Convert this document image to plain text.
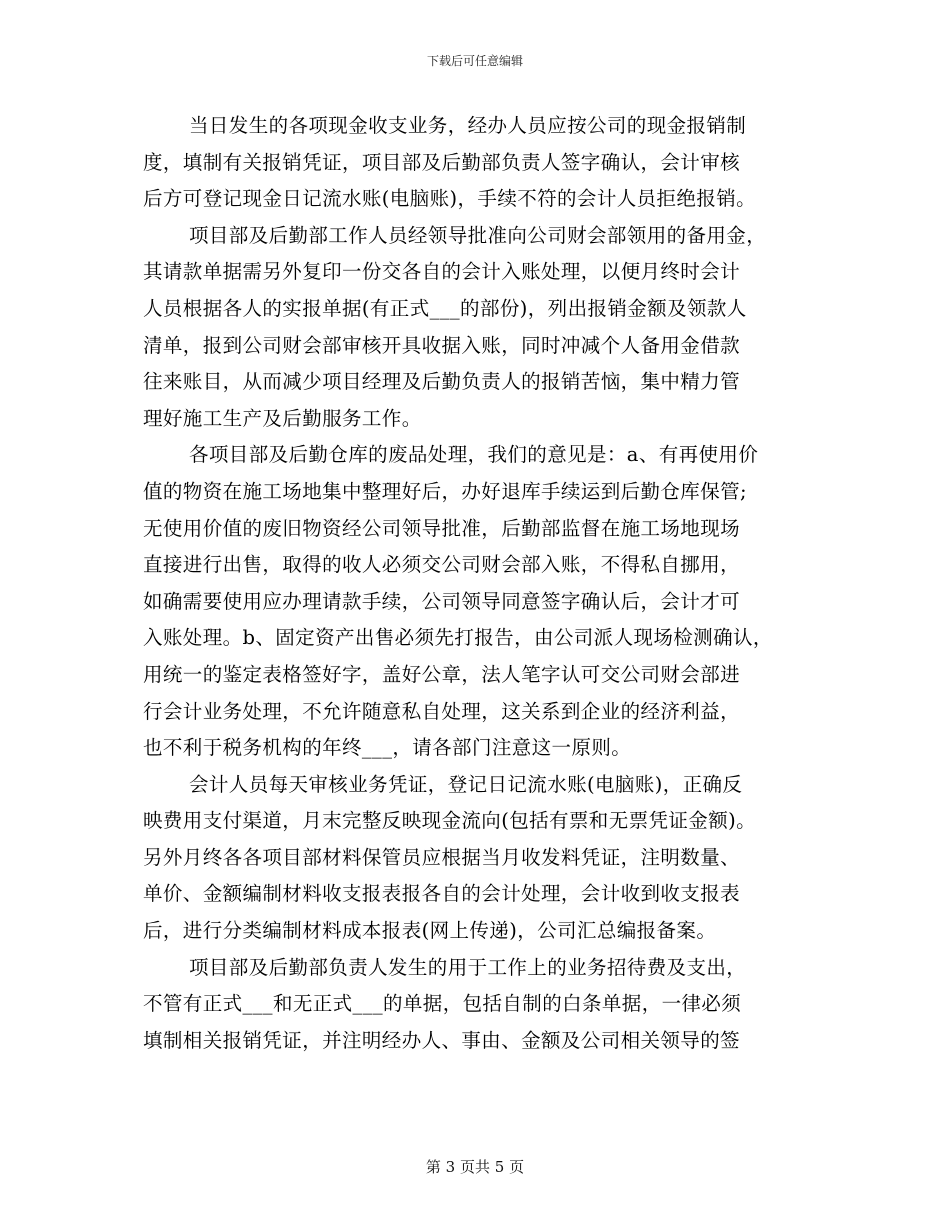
下载后可任意编辑
当日发生的各项现金收支业务，经办人员应按公司的现金报销制
度，填制有关报销凭证，项目部及后勤部负责人签字确认，会计审核
后方可登记现金日记流水账(电脑账)，手续不符的会计人员拒绝报销。
项目部及后勤部工作人员经领导批准向公司财会部领用的备用金，
其请款单据需另外复印一份交各自的会计入账处理，以便月终时会计
人员根据各人的实报单据(有正式___的部份)，列出报销金额及领款人
清单，报到公司财会部审核开具收据入账，同时冲减个人备用金借款
往来账目，从而减少项目经理及后勤负责人的报销苦恼，集中精力管
理好施工生产及后勤服务工作。
各项目部及后勤仓库的废品处理，我们的意见是：a、有再使用价
值的物资在施工场地集中整理好后，办好退库手续运到后勤仓库保管;
无使用价值的废旧物资经公司领导批准，后勤部监督在施工场地现场
直接进行出售，取得的收人必须交公司财会部入账，不得私自挪用，
如确需要使用应办理请款手续，公司领导同意签字确认后，会计才可
入账处理。b、固定资产出售必须先打报告，由公司派人现场检测确认，
用统一的鉴定表格签好字，盖好公章，法人笔字认可交公司财会部进
行会计业务处理，不允许随意私自处理，这关系到企业的经济利益，
也不利于税务机构的年终___，请各部门注意这一原则。
会计人员每天审核业务凭证，登记日记流水账(电脑账)，正确反
映费用支付渠道，月末完整反映现金流向(包括有票和无票凭证金额)。
另外月终各各项目部材料保管员应根据当月收发料凭证，注明数量、
单价、金额编制材料收支报表报各自的会计处理，会计收到收支报表
后，进行分类编制材料成本报表(网上传递)，公司汇总编报备案。
项目部及后勤部负责人发生的用于工作上的业务招待费及支出，
不管有正式___和无正式___的单据，包括自制的白条单据，一律必须
填制相关报销凭证，并注明经办人、事由、金额及公司相关领导的签
第 3 页共 5 页
